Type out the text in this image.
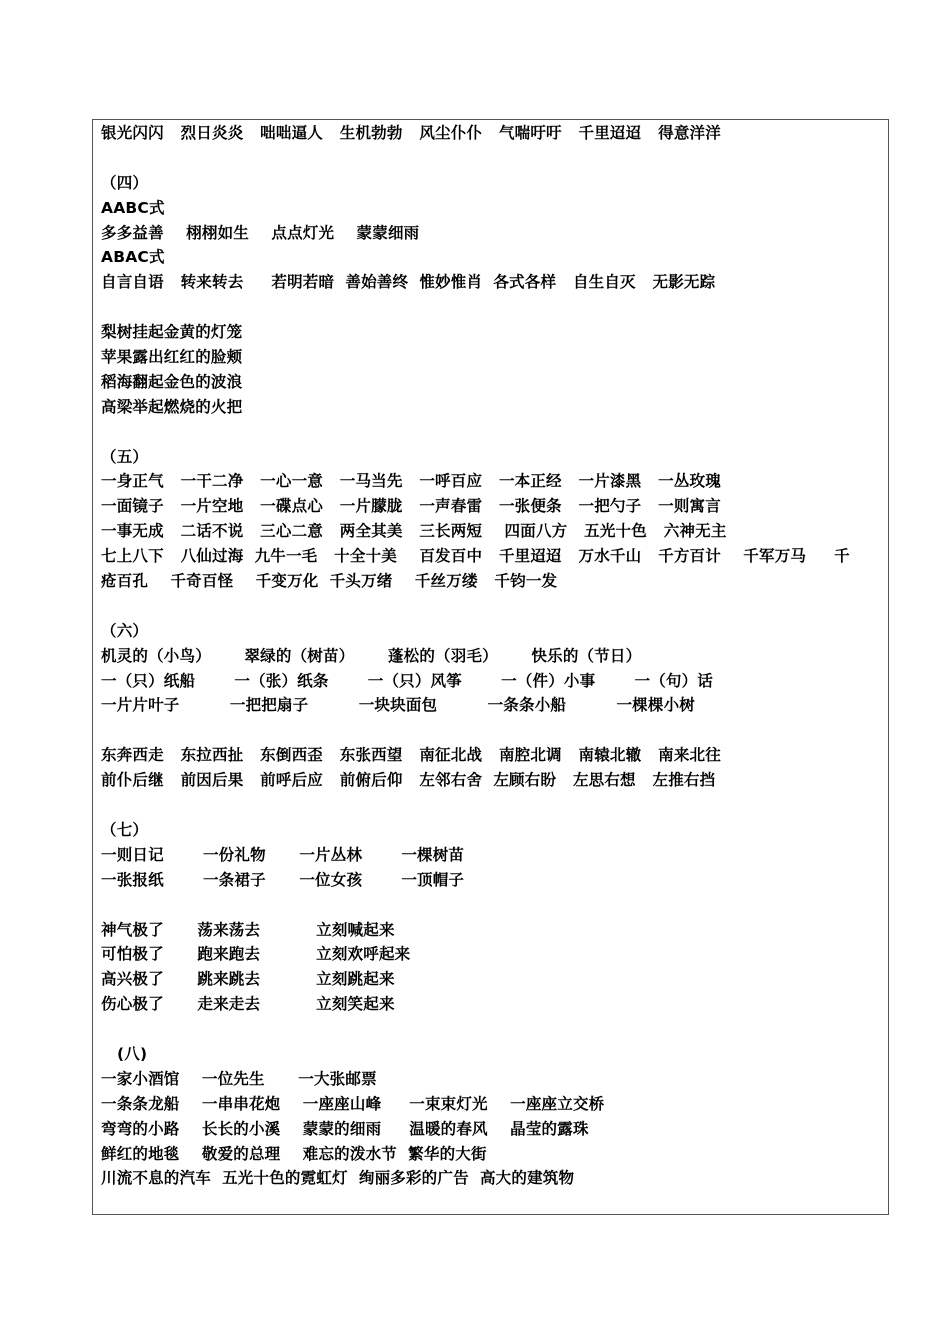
银光闪闪   烈日炎炎   咄咄逼人   生机勃勃   风尘仆仆   气喘吁吁   千里迢迢   得意洋洋
（四）
AABC式
多多益善    栩栩如生    点点灯光    蒙蒙细雨
ABAC式
自言自语   转来转去     若明若暗  善始善终  惟妙惟肖  各式各样   自生自灭   无影无踪
梨树挂起金黄的灯笼
苹果露出红红的脸颊
稻海翻起金色的波浪
高梁举起燃烧的火把
（五）
一身正气   一干二净   一心一意   一马当先   一呼百应   一本正经   一片漆黑   一丛玫瑰
一面镜子   一片空地   一碟点心   一片朦胧   一声春雷   一张便条   一把勺子   一则寓言
一事无成   二话不说   三心二意   两全其美   三长两短    四面八方   五光十色   六神无主
七上八下   八仙过海  九牛一毛   十全十美    百发百中   千里迢迢   万水千山   千方百计    千军万马     千
疮百孔    千奇百怪    千变万化  千头万绪    千丝万缕   千钧一发
（六）
机灵的（小鸟）      翠绿的（树苗）      蓬松的（羽毛）      快乐的（节日）
一（只）纸船       一（张）纸条       一（只）风筝       一（件）小事       一（句）话
一片片叶子         一把把扇子         一块块面包         一条条小船         一棵棵小树
东奔西走   东拉西扯   东倒西歪   东张西望   南征北战   南腔北调   南辕北辙   南来北往
前仆后继   前因后果   前呼后应   前俯后仰   左邻右舍  左顾右盼   左思右想   左推右挡
（七）
一则日记       一份礼物      一片丛林       一棵树苗
一张报纸       一条裙子      一位女孩       一顶帽子
神气极了      荡来荡去          立刻喊起来
可怕极了      跑来跑去          立刻欢呼起来
高兴极了      跳来跳去          立刻跳起来
伤心极了      走来走去          立刻笑起来
(八)
一家小酒馆    一位先生      一大张邮票
一条条龙船    一串串花炮    一座座山峰     一束束灯光    一座座立交桥
弯弯的小路    长长的小溪    蒙蒙的细雨     温暖的春风    晶莹的露珠
鲜红的地毯    敬爱的总理    难忘的泼水节  繁华的大街
川流不息的汽车  五光十色的霓虹灯  绚丽多彩的广告  高大的建筑物
